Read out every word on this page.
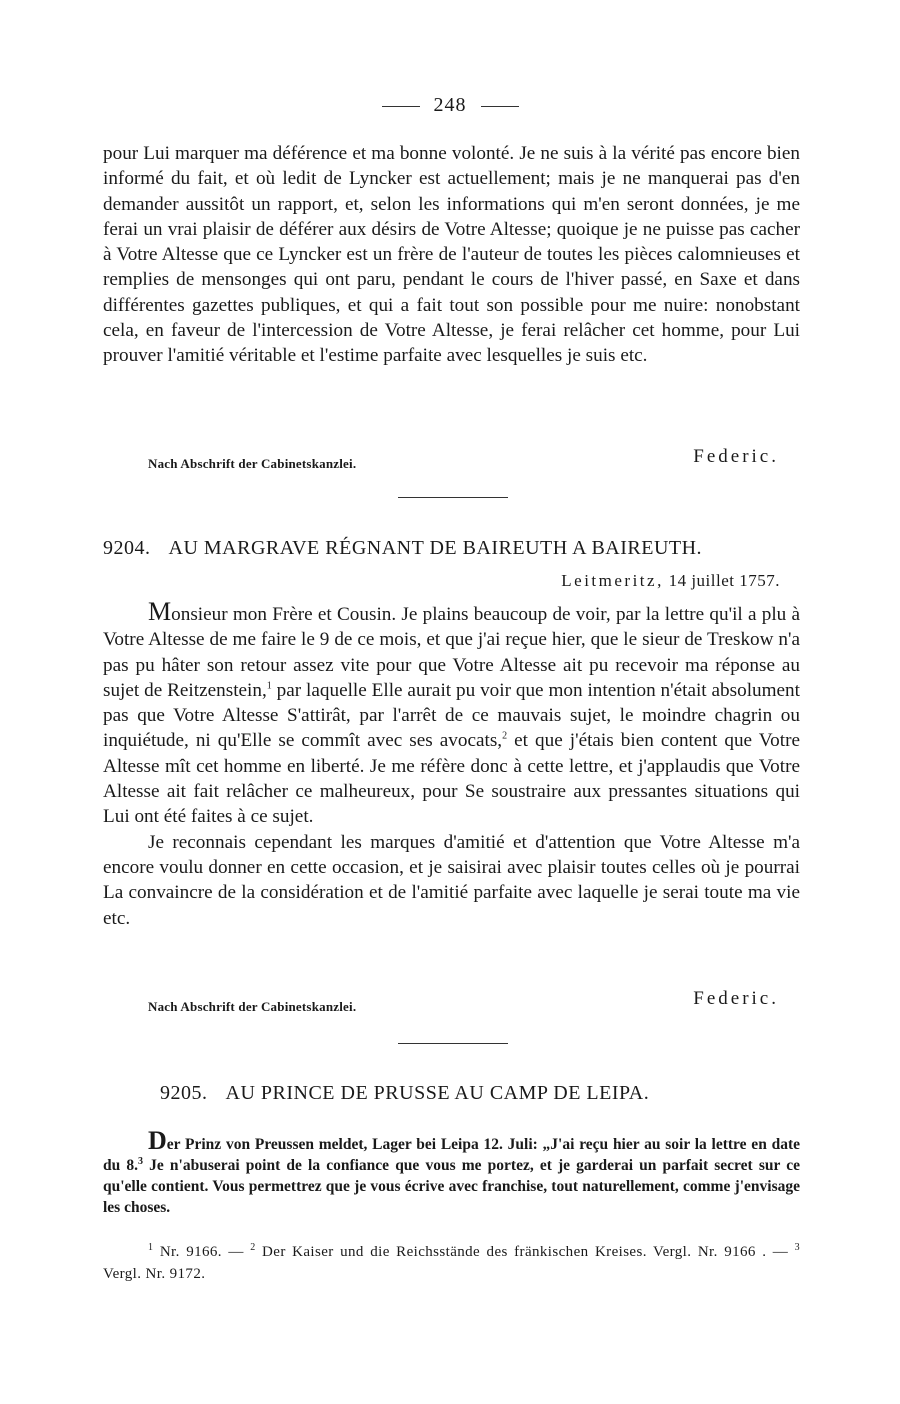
248

pour Lui marquer ma déférence et ma bonne volonté. Je ne suis à la vérité pas encore bien informé du fait, et où ledit de Lyncker est actuellement; mais je ne manquerai pas d'en demander aussitôt un rapport, et, selon les informations qui m'en seront données, je me ferai un vrai plaisir de déférer aux désirs de Votre Altesse; quoique je ne puisse pas cacher à Votre Altesse que ce Lyncker est un frère de l'auteur de toutes les pièces calomnieuses et remplies de mensonges qui ont paru, pendant le cours de l'hiver passé, en Saxe et dans différentes gazettes publiques, et qui a fait tout son possible pour me nuire: nonobstant cela, en faveur de l'intercession de Votre Altesse, je ferai relâcher cet homme, pour Lui prouver l'amitié véritable et l'estime parfaite avec lesquelles je suis etc.

Nach Abschrift der Cabinetskanzlei.	Federic.
9204. AU MARGRAVE RÉGNANT DE BAIREUTH A BAIREUTH.
Leitmeritz, 14 juillet 1757.

Monsieur mon Frère et Cousin. Je plains beaucoup de voir, par la lettre qu'il a plu à Votre Altesse de me faire le 9 de ce mois, et que j'ai reçue hier, que le sieur de Treskow n'a pas pu hâter son retour assez vite pour que Votre Altesse ait pu recevoir ma réponse au sujet de Reitzenstein,$^1$ par laquelle Elle aurait pu voir que mon intention n'était absolument pas que Votre Altesse S'attirât, par l'arrêt de ce mauvais sujet, le moindre chagrin ou inquiétude, ni qu'Elle se commît avec ses avocats,$^2$ et que j'étais bien content que Votre Altesse mît cet homme en liberté. Je me réfère donc à cette lettre, et j'applaudis que Votre Altesse ait fait relâcher ce malheureux, pour Se soustraire aux pressantes situations qui Lui ont été faites à ce sujet.

Je reconnais cependant les marques d'amitié et d'attention que Votre Altesse m'a encore voulu donner en cette occasion, et je saisirai avec plaisir toutes celles où je pourrai La convaincre de la considération et de l'amitié parfaite avec laquelle je serai toute ma vie etc.

Nach Abschrift der Cabinetskanzlei.	Federic.
9205. AU PRINCE DE PRUSSE AU CAMP DE LEIPA.

Der Prinz von Preussen meldet, Lager bei Leipa 12. Juli: „J'ai reçu hier au soir la lettre en date du 8.$^3$ Je n'abuserai point de la confiance que vous me portez, et je garderai un parfait secret sur ce qu'elle contient. Vous permettrez que je vous écrive avec franchise, tout naturellement, comme j'envisage les choses.

$^1$ Nr. 9166. — $^2$ Der Kaiser und die Reichsstände des fränkischen Kreises. Vergl. Nr. 9166 . — $^3$ Vergl. Nr. 9172.
